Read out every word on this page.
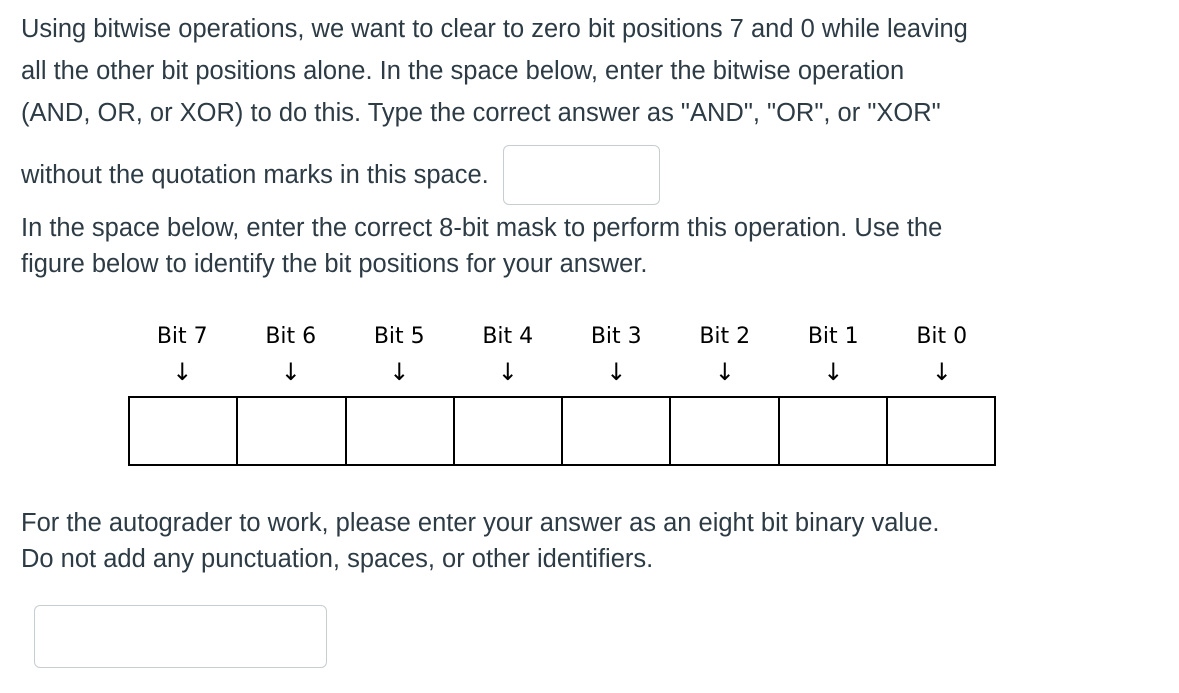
Using bitwise operations, we want to clear to zero bit positions 7 and 0 while leaving

all the other bit positions alone. In the space below, enter the bitwise operation

(AND, OR, or XOR) to do this. Type the correct answer as "AND", "OR", or "XOR"

without the quotation marks in this space.

In the space below, enter the correct 8-bit mask to perform this operation. Use the

figure below to identify the bit positions for your answer.

Bit 7
↓
Bit 6
↓
Bit 5
↓
Bit 4
↓
Bit 3
↓
Bit 2
↓
Bit 1
↓
Bit 0
↓

For the autograder to work, please enter your answer as an eight bit binary value.

Do not add any punctuation, spaces, or other identifiers.
